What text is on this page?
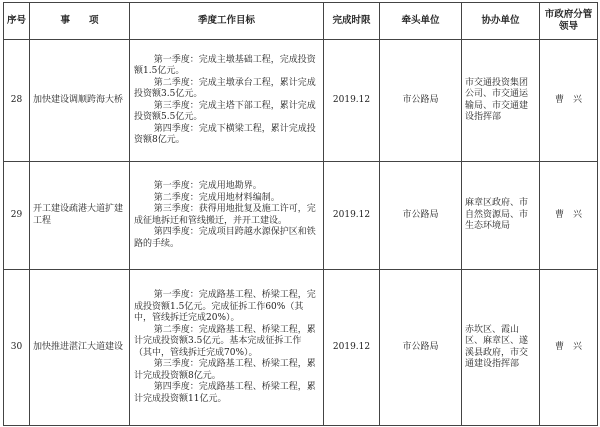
序号	事　　项	季度工作目标	完成时限	牵头单位	协办单位	市政府分管领导
28	加快建设调顺跨海大桥	第一季度：完成主墩基础工程，完成投资额1.5亿元。
第二季度：完成主墩承台工程，累计完成投资额3.5亿元。
第三季度：完成主塔下部工程，累计完成投资额5.5亿元。
第四季度：完成下横梁工程，累计完成投资额8亿元。	2019.12	市公路局	市交通投资集团公司、市交通运输局、市交通建设指挥部	曹　兴
29	开工建设疏港大道扩建工程	第一季度：完成用地勘界。
第二季度：完成用地材料编制。
第三季度：获得用地批复及施工许可，完成征地拆迁和管线搬迁，并开工建设。
第四季度：完成项目跨越水源保护区和铁路的手续。	2019.12	市公路局	麻章区政府、市自然资源局、市生态环境局	曹　兴
30	加快推进湛江大道建设	第一季度：完成路基工程、桥梁工程，完成投资额1.5亿元。完成征拆工作60%（其中，管线拆迁完成20%）。
第二季度：完成路基工程、桥梁工程，累计完成投资额3.5亿元。基本完成征拆工作（其中，管线拆迁完成70%）。
第三季度：完成路基工程、桥梁工程，累计完成投资额8亿元。
第四季度：完成路基工程、桥梁工程，累计完成投资额11亿元。	2019.12	市公路局	赤坎区、霞山区、麻章区、遂溪县政府，市交通建设指挥部	曹　兴
